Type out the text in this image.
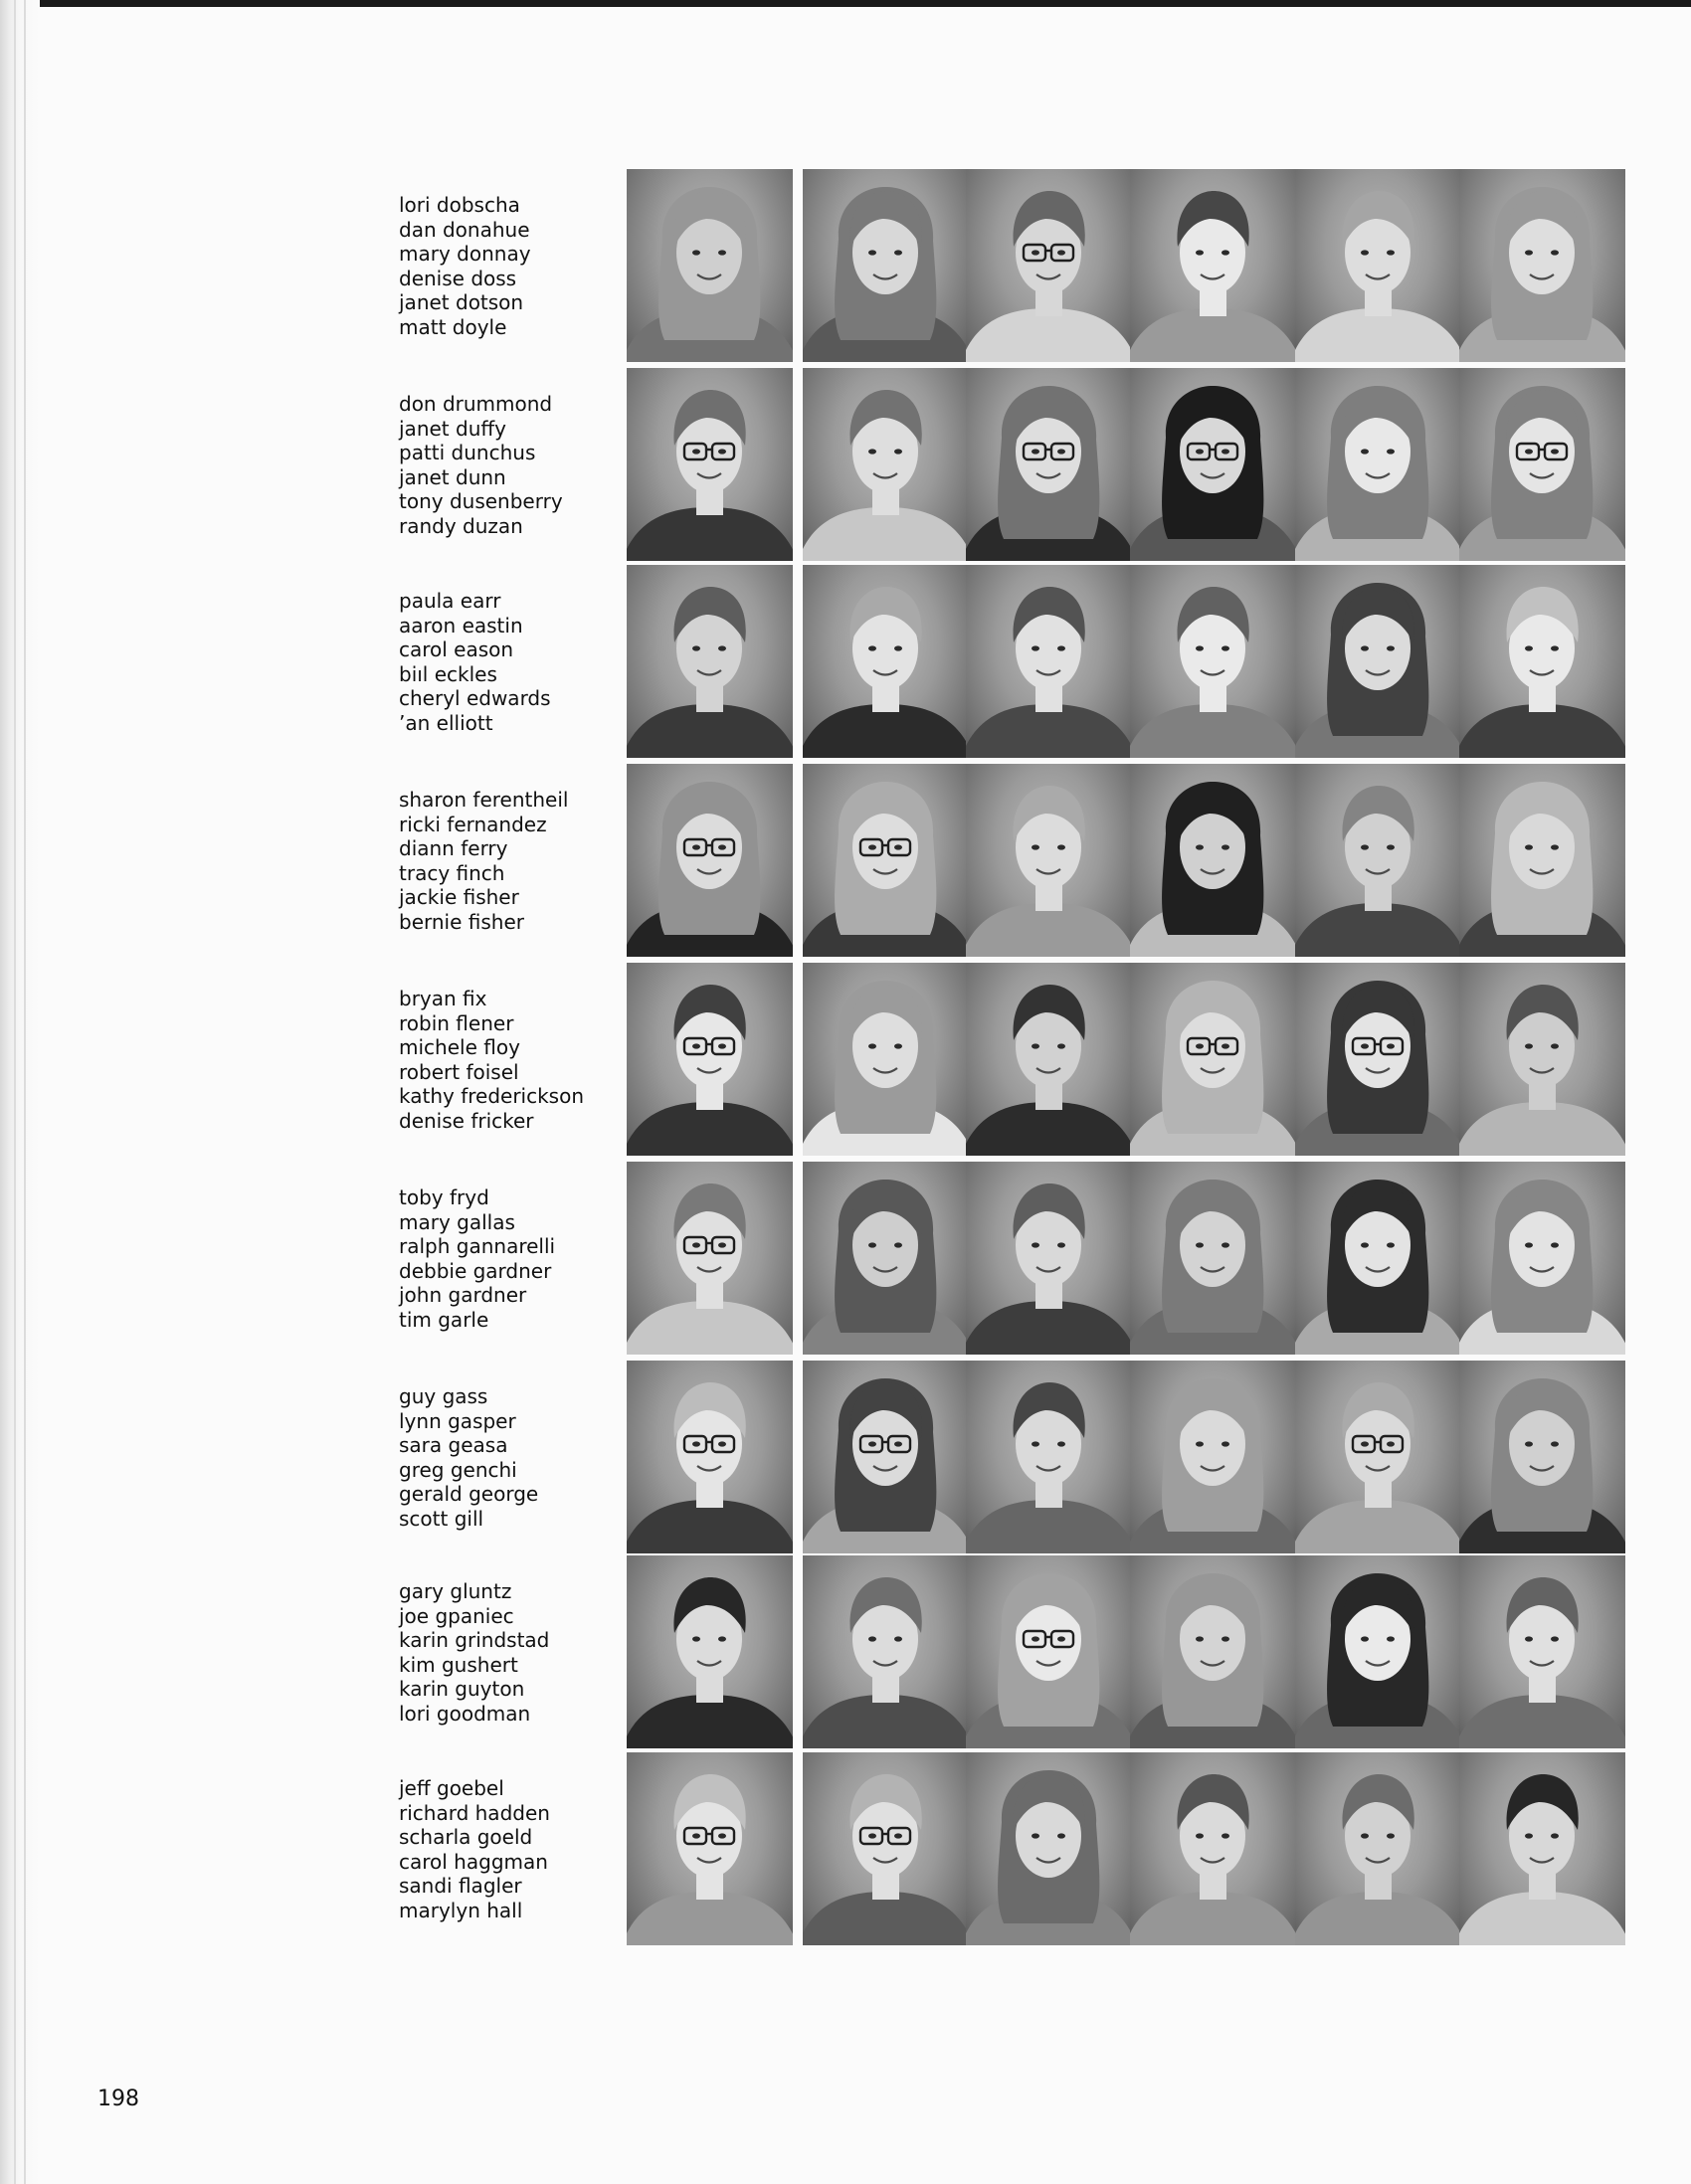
lori dobscha
dan donahue
mary donnay
denise doss
janet dotson
matt doyle
don drummond
janet duffy
patti dunchus
janet dunn
tony dusenberry
randy duzan
paula earr
aaron eastin
carol eason
biıl eckles
cheryl edwards
’an elliott
sharon ferentheil
ricki fernandez
diann ferry
tracy finch
jackie fisher
bernie fisher
bryan fix
robin flener
michele floy
robert foisel
kathy frederickson
denise fricker
toby fryd
mary gallas
ralph gannarelli
debbie gardner
john gardner
tim garle
guy gass
lynn gasper
sara geasa
greg genchi
gerald george
scott gill
gary gluntz
joe gpaniec
karin grindstad
kim gushert
karin guyton
lori goodman
jeff goebel
richard hadden
scharla goeld
carol haggman
sandi flagler
marylyn hall
198
